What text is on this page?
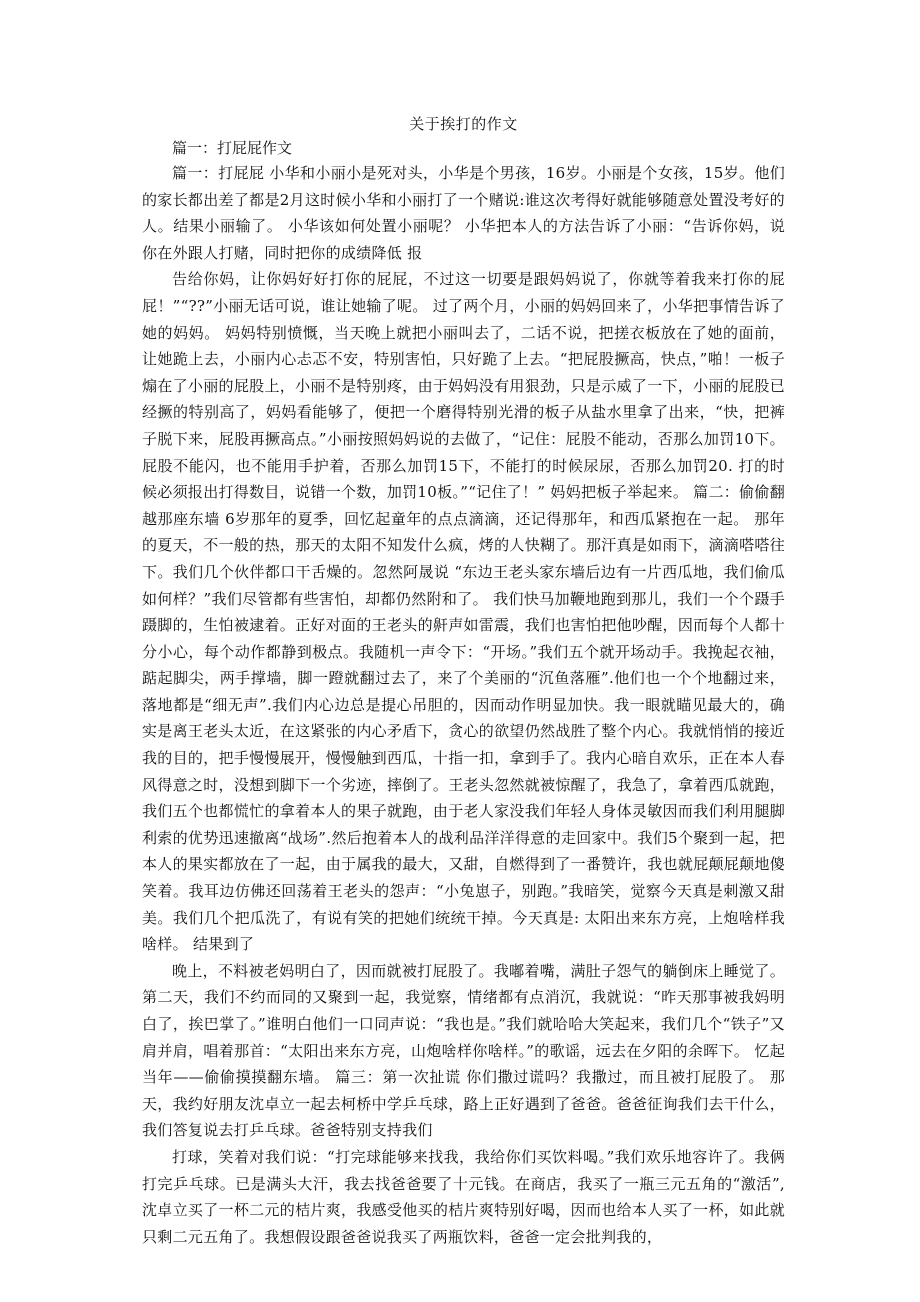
关于挨打的作文

篇一：打屁屁作文

篇一：打屁屁 小华和小丽小是死对头，小华是个男孩，16岁。小丽是个女孩，15岁。他们的家长都出差了都是2月这时候小华和小丽打了一个赌说:谁这次考得好就能够随意处置没考好的人。结果小丽输了。 小华该如何处置小丽呢？ 小华把本人的方法告诉了小丽：“告诉你妈，说你在外跟人打赌，同时把你的成绩降低 报

告给你妈，让你妈好好打你的屁屁，不过这一切要是跟妈妈说了，你就等着我来打你的屁屁！”“??”小丽无话可说，谁让她输了呢。 过了两个月，小丽的妈妈回来了，小华把事情告诉了她的妈妈。 妈妈特别愤慨，当天晚上就把小丽叫去了，二话不说，把搓衣板放在了她的面前，让她跪上去，小丽内心忐忑不安，特别害怕，只好跪了上去。“把屁股撅高，快点，”啪！一板子煽在了小丽的屁股上，小丽不是特别疼，由于妈妈没有用狠劲，只是示威了一下，小丽的屁股已经撅的特别高了，妈妈看能够了，便把一个磨得特别光滑的板子从盐水里拿了出来，“快，把裤子脱下来，屁股再撅高点。”小丽按照妈妈说的去做了，“记住：屁股不能动，否那么加罚10下。屁股不能闪，也不能用手护着，否那么加罚15下，不能打的时候尿尿，否那么加罚20. 打的时候必须报出打得数目，说错一个数，加罚10板。”“记住了！” 妈妈把板子举起来。 篇二：偷偷翻越那座东墙 6岁那年的夏季，回忆起童年的点点滴滴，还记得那年，和西瓜紧抱在一起。 那年的夏天，不一般的热，那天的太阳不知发什么疯，烤的人快糊了。那汗真是如雨下，滴滴嗒嗒往下。我们几个伙伴都口干舌燥的。忽然阿晟说 “东边王老头家东墙后边有一片西瓜地，我们偷瓜如何样？”我们尽管都有些害怕，却都仍然附和了。 我们快马加鞭地跑到那儿，我们一个个蹑手蹑脚的，生怕被逮着。正好对面的王老头的鼾声如雷震，我们也害怕把他吵醒，因而每个人都十分小心，每个动作都静到极点。我随机一声令下：“开场。”我们五个就开场动手。我挽起衣袖，踮起脚尖，两手撑墙，脚一蹬就翻过去了，来了个美丽的“沉鱼落雁”.他们也一个个地翻过来，落地都是“细无声”.我们内心边总是提心吊胆的，因而动作明显加快。我一眼就瞄见最大的，确实是离王老头太近，在这紧张的内心矛盾下，贪心的欲望仍然战胜了整个内心。我就悄悄的接近我的目的，把手慢慢展开，慢慢触到西瓜，十指一扣，拿到手了。我内心暗自欢乐，正在本人春风得意之时，没想到脚下一个劣迹，摔倒了。王老头忽然就被惊醒了，我急了，拿着西瓜就跑，我们五个也都慌忙的拿着本人的果子就跑，由于老人家没我们年轻人身体灵敏因而我们利用腿脚利索的优势迅速撤离“战场”.然后抱着本人的战利品洋洋得意的走回家中。我们5个聚到一起，把本人的果实都放在了一起，由于属我的最大，又甜，自燃得到了一番赞许，我也就屁颠屁颠地傻笑着。我耳边仿佛还回荡着王老头的怨声：“小兔崽子，别跑。”我暗笑，觉察今天真是刺激又甜美。我们几个把瓜洗了，有说有笑的把她们统统干掉。今天真是: 太阳出来东方亮，上炮啥样我啥样。 结果到了

晚上，不料被老妈明白了，因而就被打屁股了。我嘟着嘴，满肚子怨气的躺倒床上睡觉了。 第二天，我们不约而同的又聚到一起，我觉察，情绪都有点消沉，我就说：“昨天那事被我妈明白了，挨巴掌了。”谁明白他们一口同声说：“我也是。”我们就哈哈大笑起来，我们几个“铁子”又肩并肩，唱着那首：“太阳出来东方亮，山炮啥样你啥样。”的歌谣，远去在夕阳的余晖下。 忆起当年——偷偷摸摸翻东墙。 篇三：第一次扯谎 你们撒过谎吗？我撒过，而且被打屁股了。 那天，我约好朋友沈卓立一起去柯桥中学乒乓球，路上正好遇到了爸爸。爸爸征询我们去干什么，我们答复说去打乒乓球。爸爸特别支持我们

打球，笑着对我们说：“打完球能够来找我，我给你们买饮料喝。”我们欢乐地容许了。我俩打完乒乓球。已是满头大汗，我去找爸爸要了十元钱。在商店，我买了一瓶三元五角的“激活”,沈卓立买了一杯二元的桔片爽，我感受他买的桔片爽特别好喝，因而也给本人买了一杯，如此就只剩二元五角了。我想假设跟爸爸说我买了两瓶饮料，爸爸一定会批判我的，
